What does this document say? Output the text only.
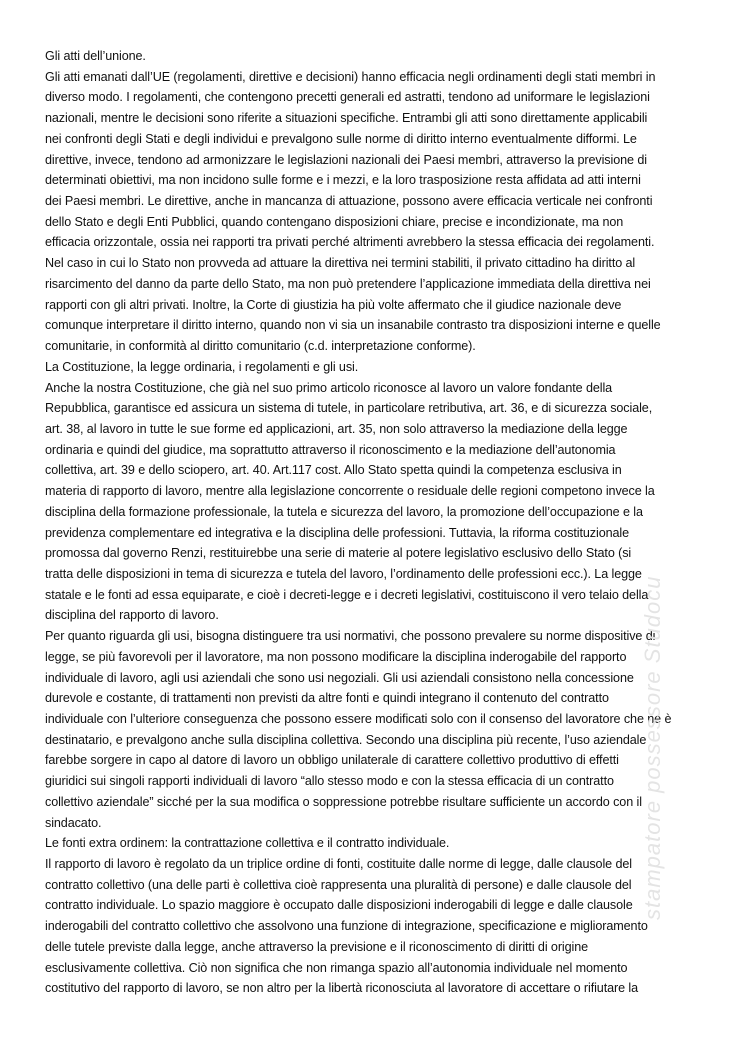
Gli atti dell’unione.
Gli atti emanati dall’UE (regolamenti, direttive e decisioni) hanno efficacia negli ordinamenti degli stati membri in
diverso modo. I regolamenti, che contengono precetti generali ed astratti, tendono ad uniformare le legislazioni
nazionali, mentre le decisioni sono riferite a situazioni specifiche. Entrambi gli atti sono direttamente applicabili
nei confronti degli Stati e degli individui e prevalgono sulle norme di diritto interno eventualmente difformi. Le
direttive, invece, tendono ad armonizzare le legislazioni nazionali dei Paesi membri, attraverso la previsione di
determinati obiettivi, ma non incidono sulle forme e i mezzi, e la loro trasposizione resta affidata ad atti interni
dei Paesi membri. Le direttive, anche in mancanza di attuazione, possono avere efficacia verticale nei confronti
dello Stato e degli Enti Pubblici, quando contengano disposizioni chiare, precise e incondizionate, ma non
efficacia orizzontale, ossia nei rapporti tra privati perché altrimenti avrebbero la stessa efficacia dei regolamenti.
Nel caso in cui lo Stato non provveda ad attuare la direttiva nei termini stabiliti, il privato cittadino ha diritto al
risarcimento del danno da parte dello Stato, ma non può pretendere l’applicazione immediata della direttiva nei
rapporti con gli altri privati. Inoltre, la Corte di giustizia ha più volte affermato che il giudice nazionale deve
comunque interpretare il diritto interno, quando non vi sia un insanabile contrasto tra disposizioni interne e quelle
comunitarie, in conformità al diritto comunitario (c.d. interpretazione conforme).
La Costituzione, la legge ordinaria, i regolamenti e gli usi.
Anche la nostra Costituzione, che già nel suo primo articolo riconosce al lavoro un valore fondante della
Repubblica, garantisce ed assicura un sistema di tutele, in particolare retributiva, art. 36, e di sicurezza sociale,
art. 38, al lavoro in tutte le sue forme ed applicazioni, art. 35, non solo attraverso la mediazione della legge
ordinaria e quindi del giudice, ma soprattutto attraverso il riconoscimento e la mediazione dell’autonomia
collettiva, art. 39 e dello sciopero, art. 40. Art.117 cost. Allo Stato spetta quindi la competenza esclusiva in
materia di rapporto di lavoro, mentre alla legislazione concorrente o residuale delle regioni competono invece la
disciplina della formazione professionale, la tutela e sicurezza del lavoro, la promozione dell’occupazione e la
previdenza complementare ed integrativa e la disciplina delle professioni. Tuttavia, la riforma costituzionale
promossa dal governo Renzi, restituirebbe una serie di materie al potere legislativo esclusivo dello Stato (si
tratta delle disposizioni in tema di sicurezza e tutela del lavoro, l’ordinamento delle professioni ecc.). La legge
statale e le fonti ad essa equiparate, e cioè i decreti-legge e i decreti legislativi, costituiscono il vero telaio della
disciplina del rapporto di lavoro.
Per quanto riguarda gli usi, bisogna distinguere tra usi normativi, che possono prevalere su norme dispositive di
legge, se più favorevoli per il lavoratore, ma non possono modificare la disciplina inderogabile del rapporto
individuale di lavoro, agli usi aziendali che sono usi negoziali. Gli usi aziendali consistono nella concessione
durevole e costante, di trattamenti non previsti da altre fonti e quindi integrano il contenuto del contratto
individuale con l’ulteriore conseguenza che possono essere modificati solo con il consenso del lavoratore che ne è
destinatario, e prevalgono anche sulla disciplina collettiva. Secondo una disciplina più recente, l’uso aziendale
farebbe sorgere in capo al datore di lavoro un obbligo unilaterale di carattere collettivo produttivo di effetti
giuridici sui singoli rapporti individuali di lavoro “allo stesso modo e con la stessa efficacia di un contratto
collettivo aziendale” sicché per la sua modifica o soppressione potrebbe risultare sufficiente un accordo con il
sindacato.
Le fonti extra ordinem: la contrattazione collettiva e il contratto individuale.
Il rapporto di lavoro è regolato da un triplice ordine di fonti, costituite dalle norme di legge, dalle clausole del
contratto collettivo (una delle parti è collettiva cioè rappresenta una pluralità di persone) e dalle clausole del
contratto individuale. Lo spazio maggiore è occupato dalle disposizioni inderogabili di legge e dalle clausole
inderogabili del contratto collettivo che assolvono una funzione di integrazione, specificazione e miglioramento
delle tutele previste dalla legge, anche attraverso la previsione e il riconoscimento di diritti di origine
esclusivamente collettiva. Ciò non significa che non rimanga spazio all’autonomia individuale nel momento
costitutivo del rapporto di lavoro, se non altro per la libertà riconosciuta al lavoratore di accettare o rifiutare la
stampatore possessore Studocu
